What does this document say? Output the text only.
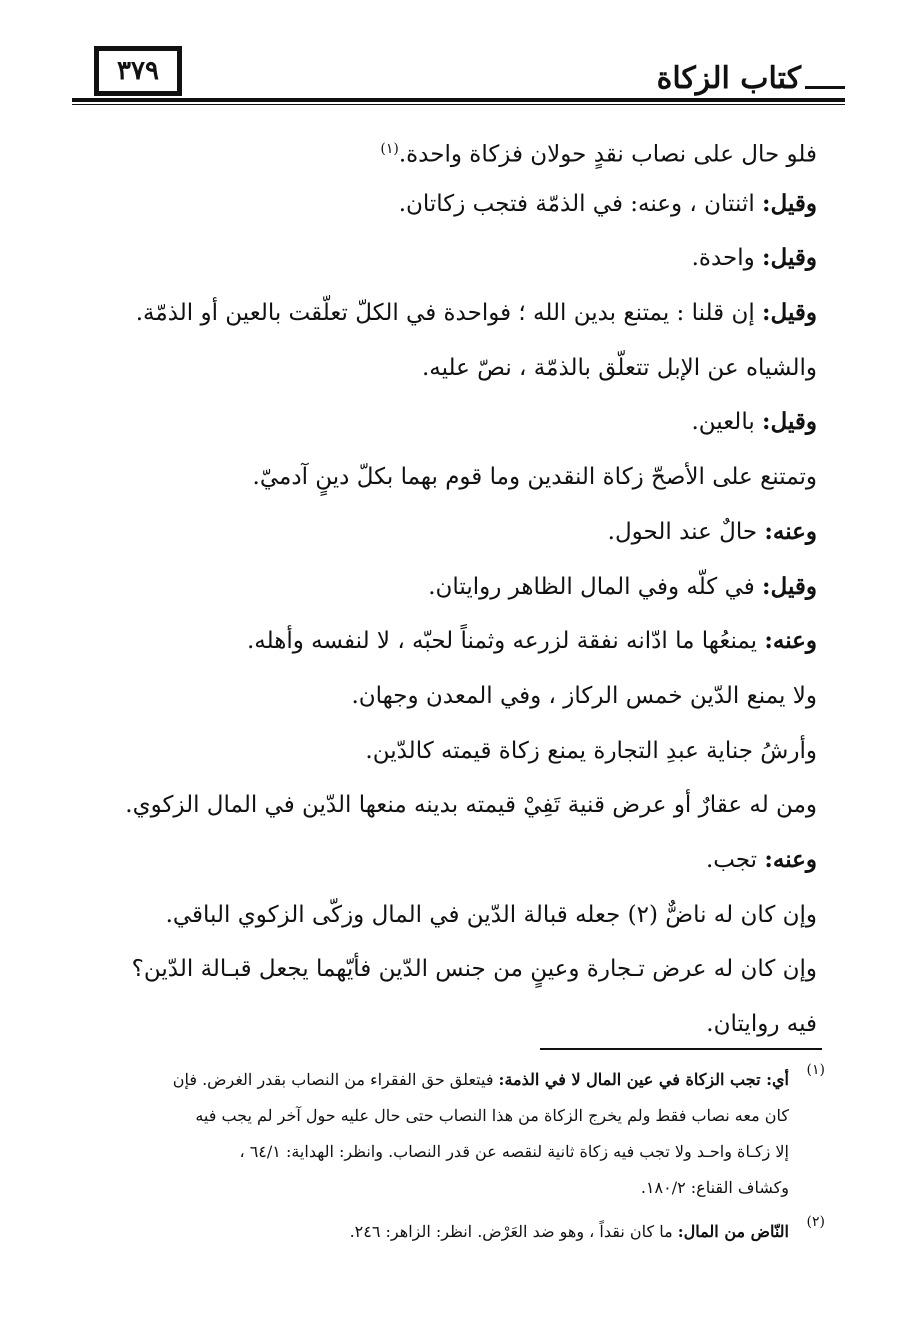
٣٧٩	كتاب الزكاة
فلو حال على نصاب نقدٍ حولان فزكاة واحدة.$^{(١)}$
وقيل: اثنتان ، وعنه: في الذمّة فتجب زكاتان.
وقيل: واحدة.
وقيل: إن قلنا : يمتنع بدين الله ؛ فواحدة في الكلّ تعلّقت بالعين أو الذمّة.
والشياه عن الإبل تتعلّق بالذمّة ، نصّ عليه.
وقيل: بالعين.
وتمتنع على الأصحّ زكاة النقدين وما قوم بهما بكلّ دينٍ آدميّ.
وعنه: حالٌ عند الحول.
وقيل: في كلّه وفي المال الظاهر روايتان.
وعنه: يمنعُها ما ادّانه نفقة لزرعه وثمناً لحبّه ، لا لنفسه وأهله.
ولا يمنع الدّين خمس الركاز ، وفي المعدن وجهان.
وأرشُ جناية عبدِ التجارة يمنع زكاة قيمته كالدّين.
ومن له عقارٌ أو عرض قنية تَفِيْ قيمته بدينه منعها الدّين في المال الزكوي.
وعنه: تجب.
وإن كان له ناضٌّ (٢) جعله قبالة الدّين في المال وزكّى الزكوي الباقي.
وإن كان له عرض تـجارة وعينٍ من جنس الدّين فأيّهما يجعل قبـالة الدّين؟
فيه روايتان.
(١)
أي: تجب الزكاة في عين المال لا في الذمة: فيتعلق حق الفقراء من النصاب بقدر الغرض. فإن
كان معه نصاب فقط ولم يخرج الزكاة من هذا النصاب حتى حال عليه حول آخر لم يجب فيه
إلا زكـاة واحـد ولا تجب فيه زكاة ثانية لنقصه عن قدر النصاب. وانظر: الهداية: ٦٤/١ ،
وكشاف القناع: ١٨٠/٢.
(٢)
النّاض من المال: ما كان نقداً ، وهو ضد العَرْض. انظر: الزاهر: ٢٤٦.
